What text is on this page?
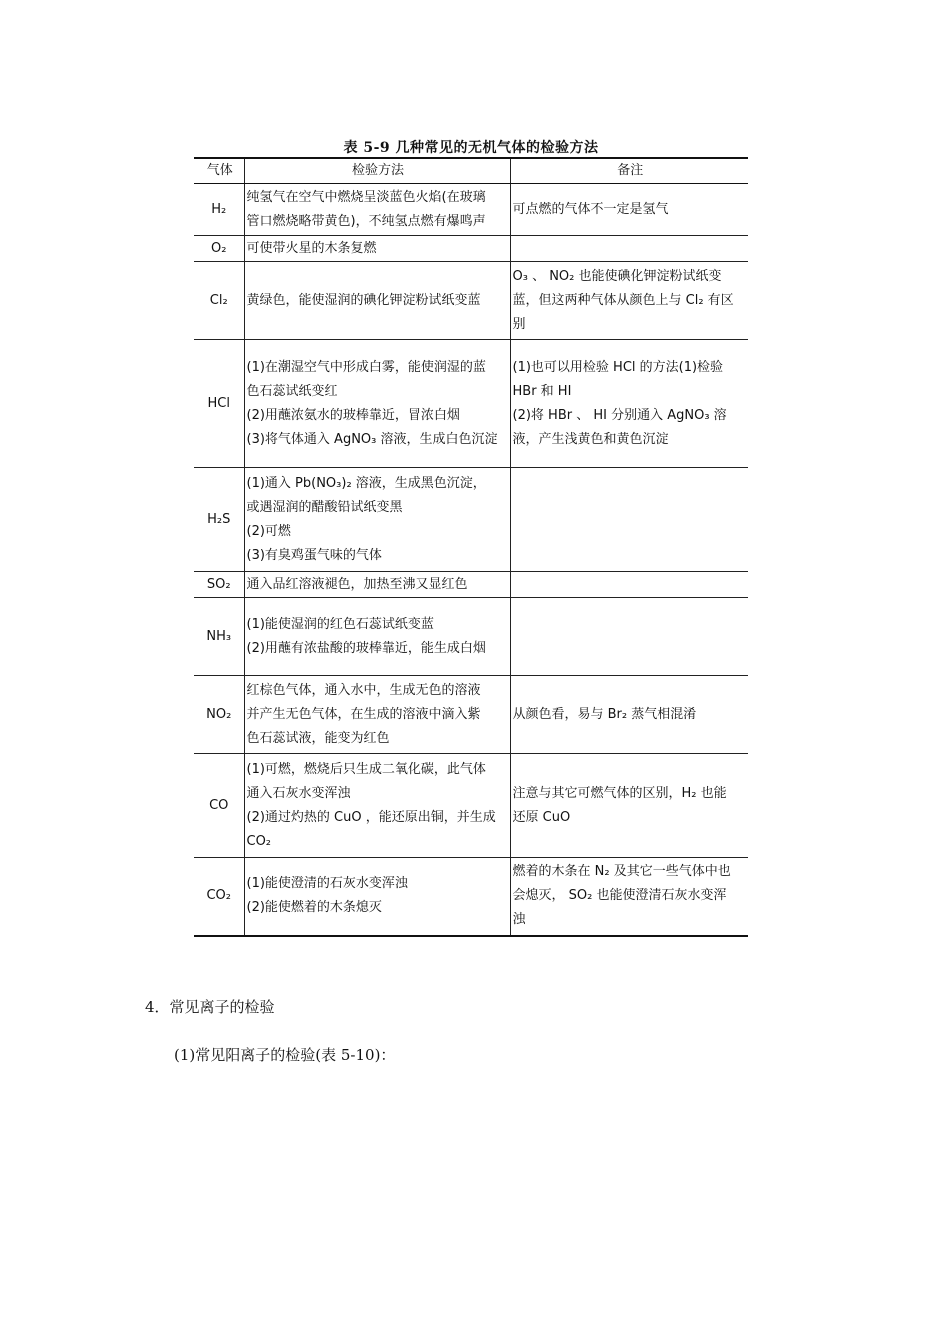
表 5-9 几种常见的无机气体的检验方法
气体	检验方法	备注
H₂	纯氢气在空气中燃烧呈淡蓝色火焰(在玻璃
管口燃烧略带黄色)，不纯氢点燃有爆鸣声	可点燃的气体不一定是氢气

O₂	可使带火星的木条复燃	

Cl₂	黄绿色，能使湿润的碘化钾淀粉试纸变蓝	O₃ 、 NO₂ 也能使碘化钾淀粉试纸变
蓝，但这两种气体从颜色上与 Cl₂ 有区
别

HCl	(1)在潮湿空气中形成白雾，能使润湿的蓝
色石蕊试纸变红
(2)用蘸浓氨水的玻棒靠近，冒浓白烟
(3)将气体通入 AgNO₃ 溶液，生成白色沉淀	(1)也可以用检验 HCl 的方法(1)检验
HBr 和 HI
(2)将 HBr 、 HI 分别通入 AgNO₃ 溶
液，产生浅黄色和黄色沉淀

H₂S	(1)通入 Pb(NO₃)₂ 溶液，生成黑色沉淀，
或遇湿润的醋酸铅试纸变黑
(2)可燃
(3)有臭鸡蛋气味的气体	

SO₂	通入品红溶液褪色，加热至沸又显红色	

NH₃	(1)能使湿润的红色石蕊试纸变蓝
(2)用蘸有浓盐酸的玻棒靠近，能生成白烟	

NO₂	红棕色气体，通入水中，生成无色的溶液
并产生无色气体，在生成的溶液中滴入紫
色石蕊试液，能变为红色	从颜色看，易与 Br₂ 蒸气相混淆

CO	(1)可燃，燃烧后只生成二氧化碳，此气体
通入石灰水变浑浊
(2)通过灼热的 CuO ，能还原出铜，并生成
CO₂	注意与其它可燃气体的区别，H₂ 也能
还原 CuO

CO₂	(1)能使澄清的石灰水变浑浊
(2)能使燃着的木条熄灭	燃着的木条在 N₂ 及其它一些气体中也
会熄灭， SO₂ 也能使澄清石灰水变浑
浊
4．常见离子的检验
(1)常见阳离子的检验(表 5-10)：
